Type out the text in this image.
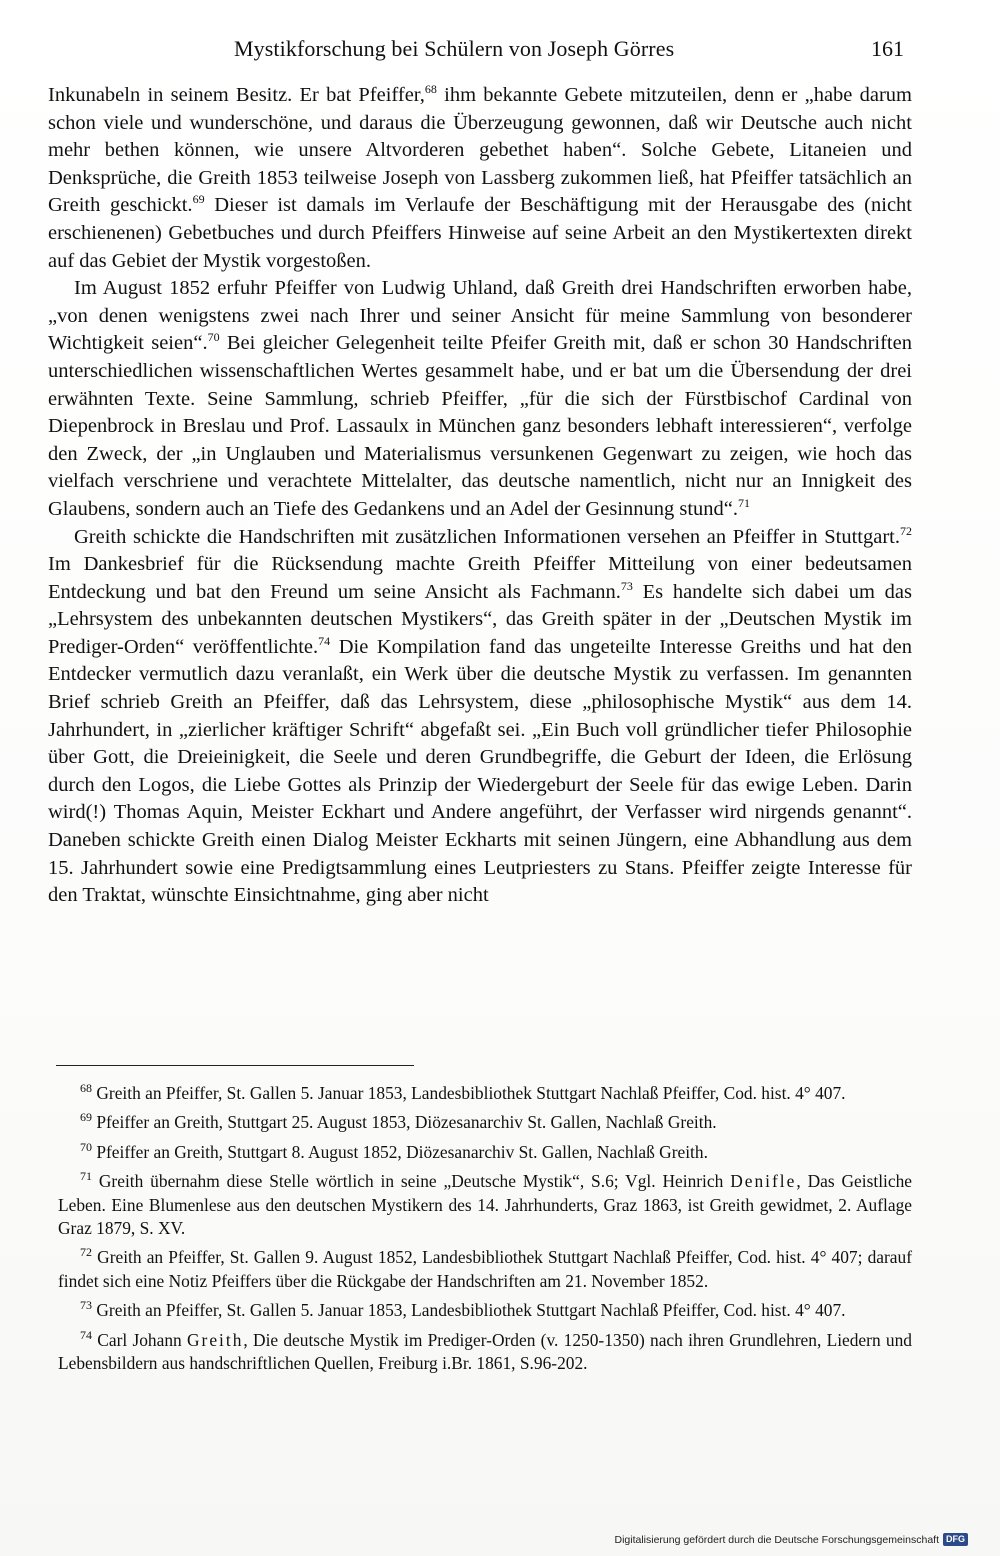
Mystikforschung bei Schülern von Joseph Görres	161

Inkunabeln in seinem Besitz. Er bat Pfeiffer,$^{68}$ ihm bekannte Gebete mitzuteilen, denn er „habe darum schon viele und wunderschöne, und daraus die Überzeugung gewonnen, daß wir Deutsche auch nicht mehr bethen können, wie unsere Altvorderen gebethet haben“. Solche Gebete, Litaneien und Denksprüche, die Greith 1853 teilweise Joseph von Lassberg zukommen ließ, hat Pfeiffer tatsächlich an Greith geschickt.$^{69}$ Dieser ist damals im Verlaufe der Beschäftigung mit der Herausgabe des (nicht erschienenen) Gebetbuches und durch Pfeiffers Hinweise auf seine Arbeit an den Mystikertexten direkt auf das Gebiet der Mystik vorgestoßen.

Im August 1852 erfuhr Pfeiffer von Ludwig Uhland, daß Greith drei Handschriften erworben habe, „von denen wenigstens zwei nach Ihrer und seiner Ansicht für meine Sammlung von besonderer Wichtigkeit seien“.$^{70}$ Bei gleicher Gelegenheit teilte Pfeifer Greith mit, daß er schon 30 Handschriften unterschiedlichen wissenschaftlichen Wertes gesammelt habe, und er bat um die Übersendung der drei erwähnten Texte. Seine Sammlung, schrieb Pfeiffer, „für die sich der Fürstbischof Cardinal von Diepenbrock in Breslau und Prof. Lassaulx in München ganz besonders lebhaft interessieren“, verfolge den Zweck, der „in Unglauben und Materialismus versunkenen Gegenwart zu zeigen, wie hoch das vielfach verschriene und verachtete Mittelalter, das deutsche namentlich, nicht nur an Innigkeit des Glaubens, sondern auch an Tiefe des Gedankens und an Adel der Gesinnung stund“.$^{71}$

Greith schickte die Handschriften mit zusätzlichen Informationen versehen an Pfeiffer in Stuttgart.$^{72}$ Im Dankesbrief für die Rücksendung machte Greith Pfeiffer Mitteilung von einer bedeutsamen Entdeckung und bat den Freund um seine Ansicht als Fachmann.$^{73}$ Es handelte sich dabei um das „Lehrsystem des unbekannten deutschen Mystikers“, das Greith später in der „Deutschen Mystik im Prediger-Orden“ veröffentlichte.$^{74}$ Die Kompilation fand das ungeteilte Interesse Greiths und hat den Entdecker vermutlich dazu veranlaßt, ein Werk über die deutsche Mystik zu verfassen. Im genannten Brief schrieb Greith an Pfeiffer, daß das Lehrsystem, diese „philosophische Mystik“ aus dem 14. Jahrhundert, in „zierlicher kräftiger Schrift“ abgefaßt sei. „Ein Buch voll gründlicher tiefer Philosophie über Gott, die Dreieinigkeit, die Seele und deren Grundbegriffe, die Geburt der Ideen, die Erlösung durch den Logos, die Liebe Gottes als Prinzip der Wiedergeburt der Seele für das ewige Leben. Darin wird(!) Thomas Aquin, Meister Eckhart und Andere angeführt, der Verfasser wird nirgends genannt“. Daneben schickte Greith einen Dialog Meister Eckharts mit seinen Jüngern, eine Abhandlung aus dem 15. Jahrhundert sowie eine Predigtsammlung eines Leutpriesters zu Stans. Pfeiffer zeigte Interesse für den Traktat, wünschte Einsichtnahme, ging aber nicht

$^{68}$ Greith an Pfeiffer, St. Gallen 5. Januar 1853, Landesbibliothek Stuttgart Nachlaß Pfeiffer, Cod. hist. 4° 407.

$^{69}$ Pfeiffer an Greith, Stuttgart 25. August 1853, Diözesanarchiv St. Gallen, Nachlaß Greith.

$^{70}$ Pfeiffer an Greith, Stuttgart 8. August 1852, Diözesanarchiv St. Gallen, Nachlaß Greith.

$^{71}$ Greith übernahm diese Stelle wörtlich in seine „Deutsche Mystik“, S.6; Vgl. Heinrich Denifle, Das Geistliche Leben. Eine Blumenlese aus den deutschen Mystikern des 14. Jahrhunderts, Graz 1863, ist Greith gewidmet, 2. Auflage Graz 1879, S. XV.

$^{72}$ Greith an Pfeiffer, St. Gallen 9. August 1852, Landesbibliothek Stuttgart Nachlaß Pfeiffer, Cod. hist. 4° 407; darauf findet sich eine Notiz Pfeiffers über die Rückgabe der Handschriften am 21. November 1852.

$^{73}$ Greith an Pfeiffer, St. Gallen 5. Januar 1853, Landesbibliothek Stuttgart Nachlaß Pfeiffer, Cod. hist. 4° 407.

$^{74}$ Carl Johann Greith, Die deutsche Mystik im Prediger-Orden (v. 1250-1350) nach ihren Grundlehren, Liedern und Lebensbildern aus handschriftlichen Quellen, Freiburg i.Br. 1861, S.96-202.

Digitalisierung gefördert durch die Deutsche Forschungsgemeinschaft DFG
